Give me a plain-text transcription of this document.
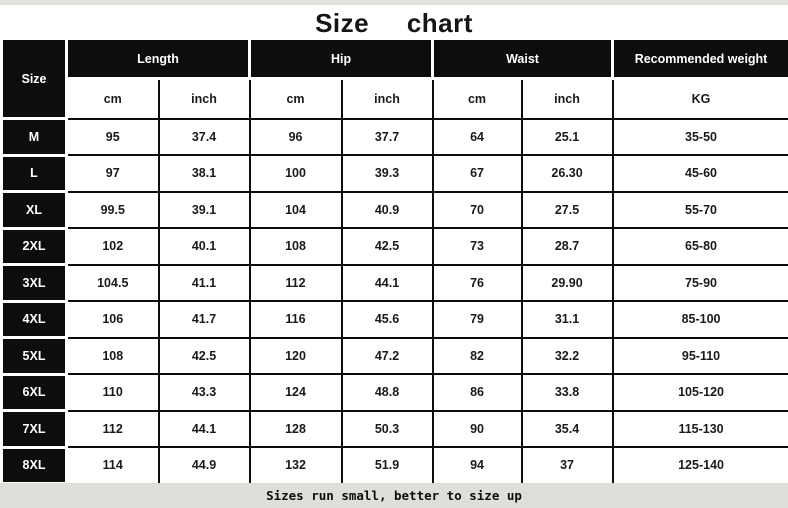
Size chart
Size	Length		Hip		Waist		Recommended weight
	cm	inch	cm	inch	cm	inch	KG
M	95	37.4	96	37.7	64	25.1	35-50
L	97	38.1	100	39.3	67	26.30	45-60
XL	99.5	39.1	104	40.9	70	27.5	55-70
2XL	102	40.1	108	42.5	73	28.7	65-80
3XL	104.5	41.1	112	44.1	76	29.90	75-90
4XL	106	41.7	116	45.6	79	31.1	85-100
5XL	108	42.5	120	47.2	82	32.2	95-110
6XL	110	43.3	124	48.8	86	33.8	105-120
7XL	112	44.1	128	50.3	90	35.4	115-130
8XL	114	44.9	132	51.9	94	37	125-140
Sizes run small, better to size up
